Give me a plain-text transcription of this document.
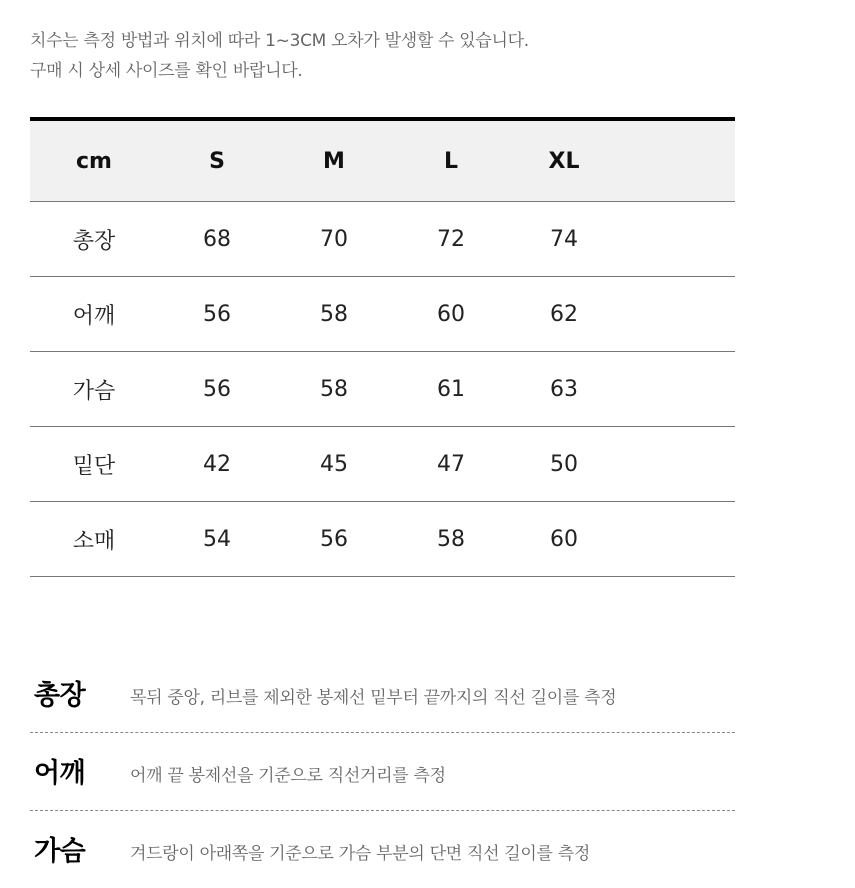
치수는 측정 방법과 위치에 따라 1~3CM 오차가 발생할 수 있습니다.
구매 시 상세 사이즈를 확인 바랍니다.
cm	S	M	L	XL	
총장	68	70	72	74	
어깨	56	58	60	62	
가슴	56	58	61	63	
밑단	42	45	47	50	
소매	54	56	58	60	
총장	목뒤 중앙, 리브를 제외한 봉제선 밑부터 끝까지의 직선 길이를 측정
어깨	어깨 끝 봉제선을 기준으로 직선거리를 측정
가슴	겨드랑이 아래쪽을 기준으로 가슴 부분의 단면 직선 길이를 측정
